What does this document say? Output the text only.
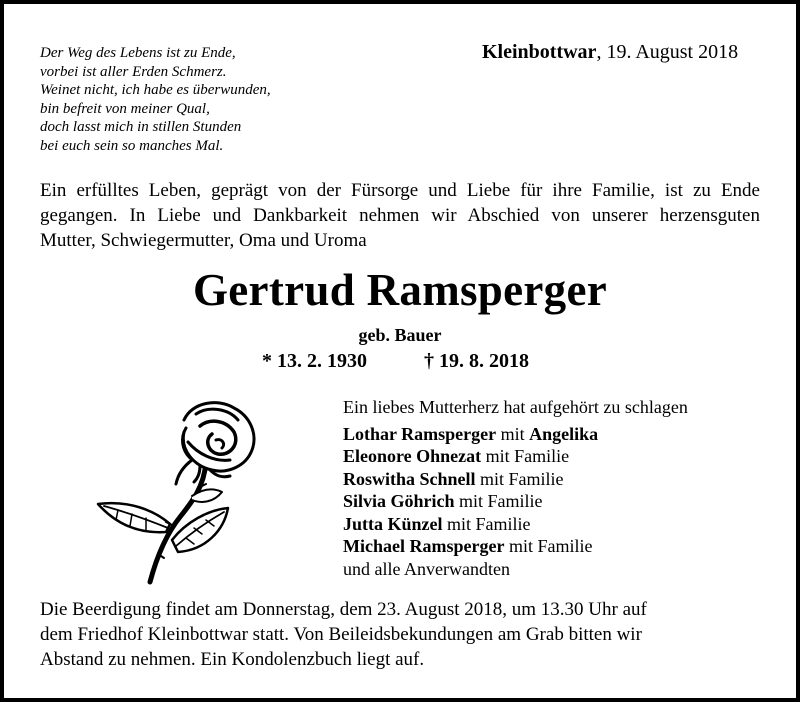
Der Weg des Lebens ist zu Ende,
vorbei ist aller Erden Schmerz.
Weinet nicht, ich habe es überwunden,
bin befreit von meiner Qual,
doch lasst mich in stillen Stunden
bei euch sein so manches Mal.
Kleinbottwar, 19. August 2018
Ein erfülltes Leben, geprägt von der Fürsorge und Liebe für ihre Familie, ist zu Ende
gegangen. In Liebe und Dankbarkeit nehmen wir Abschied von unserer herzensguten
Mutter, Schwiegermutter, Oma und Uroma
Gertrud Ramsperger
geb. Bauer
* 13. 2. 1930	† 19. 8. 2018
Ein liebes Mutterherz hat aufgehört zu schlagen
Lothar Ramsperger mit Angelika
Eleonore Ohnezat mit Familie
Roswitha Schnell mit Familie
Silvia Göhrich mit Familie
Jutta Künzel mit Familie
Michael Ramsperger mit Familie
und alle Anverwandten
Die Beerdigung findet am Donnerstag, dem 23. August 2018, um 13.30 Uhr auf
dem Friedhof Kleinbottwar statt. Von Beileidsbekundungen am Grab bitten wir
Abstand zu nehmen. Ein Kondolenzbuch liegt auf.
